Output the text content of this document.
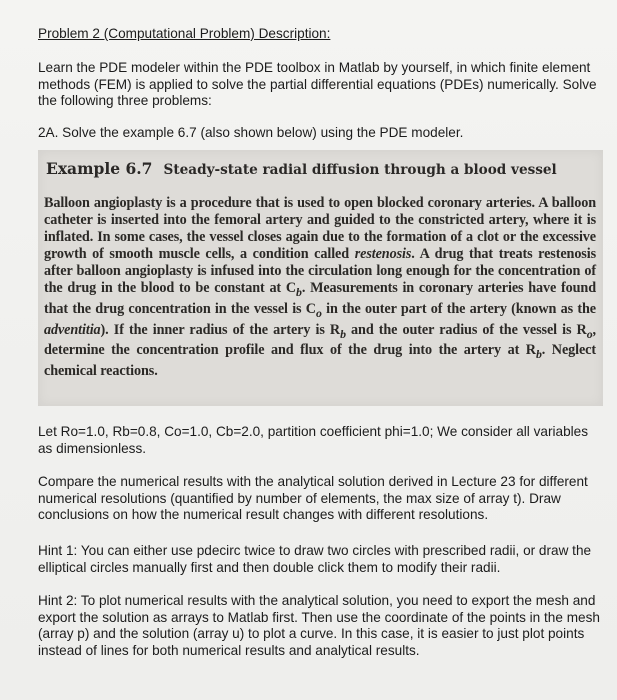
Problem 2 (Computational Problem) Description:
Learn the PDE modeler within the PDE toolbox in Matlab by yourself, in which finite element methods (FEM) is applied to solve the partial differential equations (PDEs) numerically. Solve the following three problems:
2A. Solve the example 6.7 (also shown below) using the PDE modeler.
Example 6.7 Steady-state radial diffusion through a blood vessel
Balloon angioplasty is a procedure that is used to open blocked coronary arteries. A balloon catheter is inserted into the femoral artery and guided to the constricted artery, where it is inflated. In some cases, the vessel closes again due to the formation of a clot or the excessive growth of smooth muscle cells, a condition called restenosis. A drug that treats restenosis after balloon angioplasty is infused into the circulation long enough for the concentration of the drug in the blood to be constant at $C_b$. Measurements in coronary arteries have found that the drug concentration in the vessel is $C_o$ in the outer part of the artery (known as the adventitia). If the inner radius of the artery is $R_b$ and the outer radius of the vessel is $R_o$, determine the concentration profile and flux of the drug into the artery at $R_b$. Neglect chemical reactions.
Let Ro=1.0, Rb=0.8, Co=1.0, Cb=2.0, partition coefficient phi=1.0; We consider all variables as dimensionless.
Compare the numerical results with the analytical solution derived in Lecture 23 for different numerical resolutions (quantified by number of elements, the max size of array t). Draw conclusions on how the numerical result changes with different resolutions.
Hint 1: You can either use pdecirc twice to draw two circles with prescribed radii, or draw the elliptical circles manually first and then double click them to modify their radii.
Hint 2: To plot numerical results with the analytical solution, you need to export the mesh and export the solution as arrays to Matlab first. Then use the coordinate of the points in the mesh (array p) and the solution (array u) to plot a curve. In this case, it is easier to just plot points instead of lines for both numerical results and analytical results.
